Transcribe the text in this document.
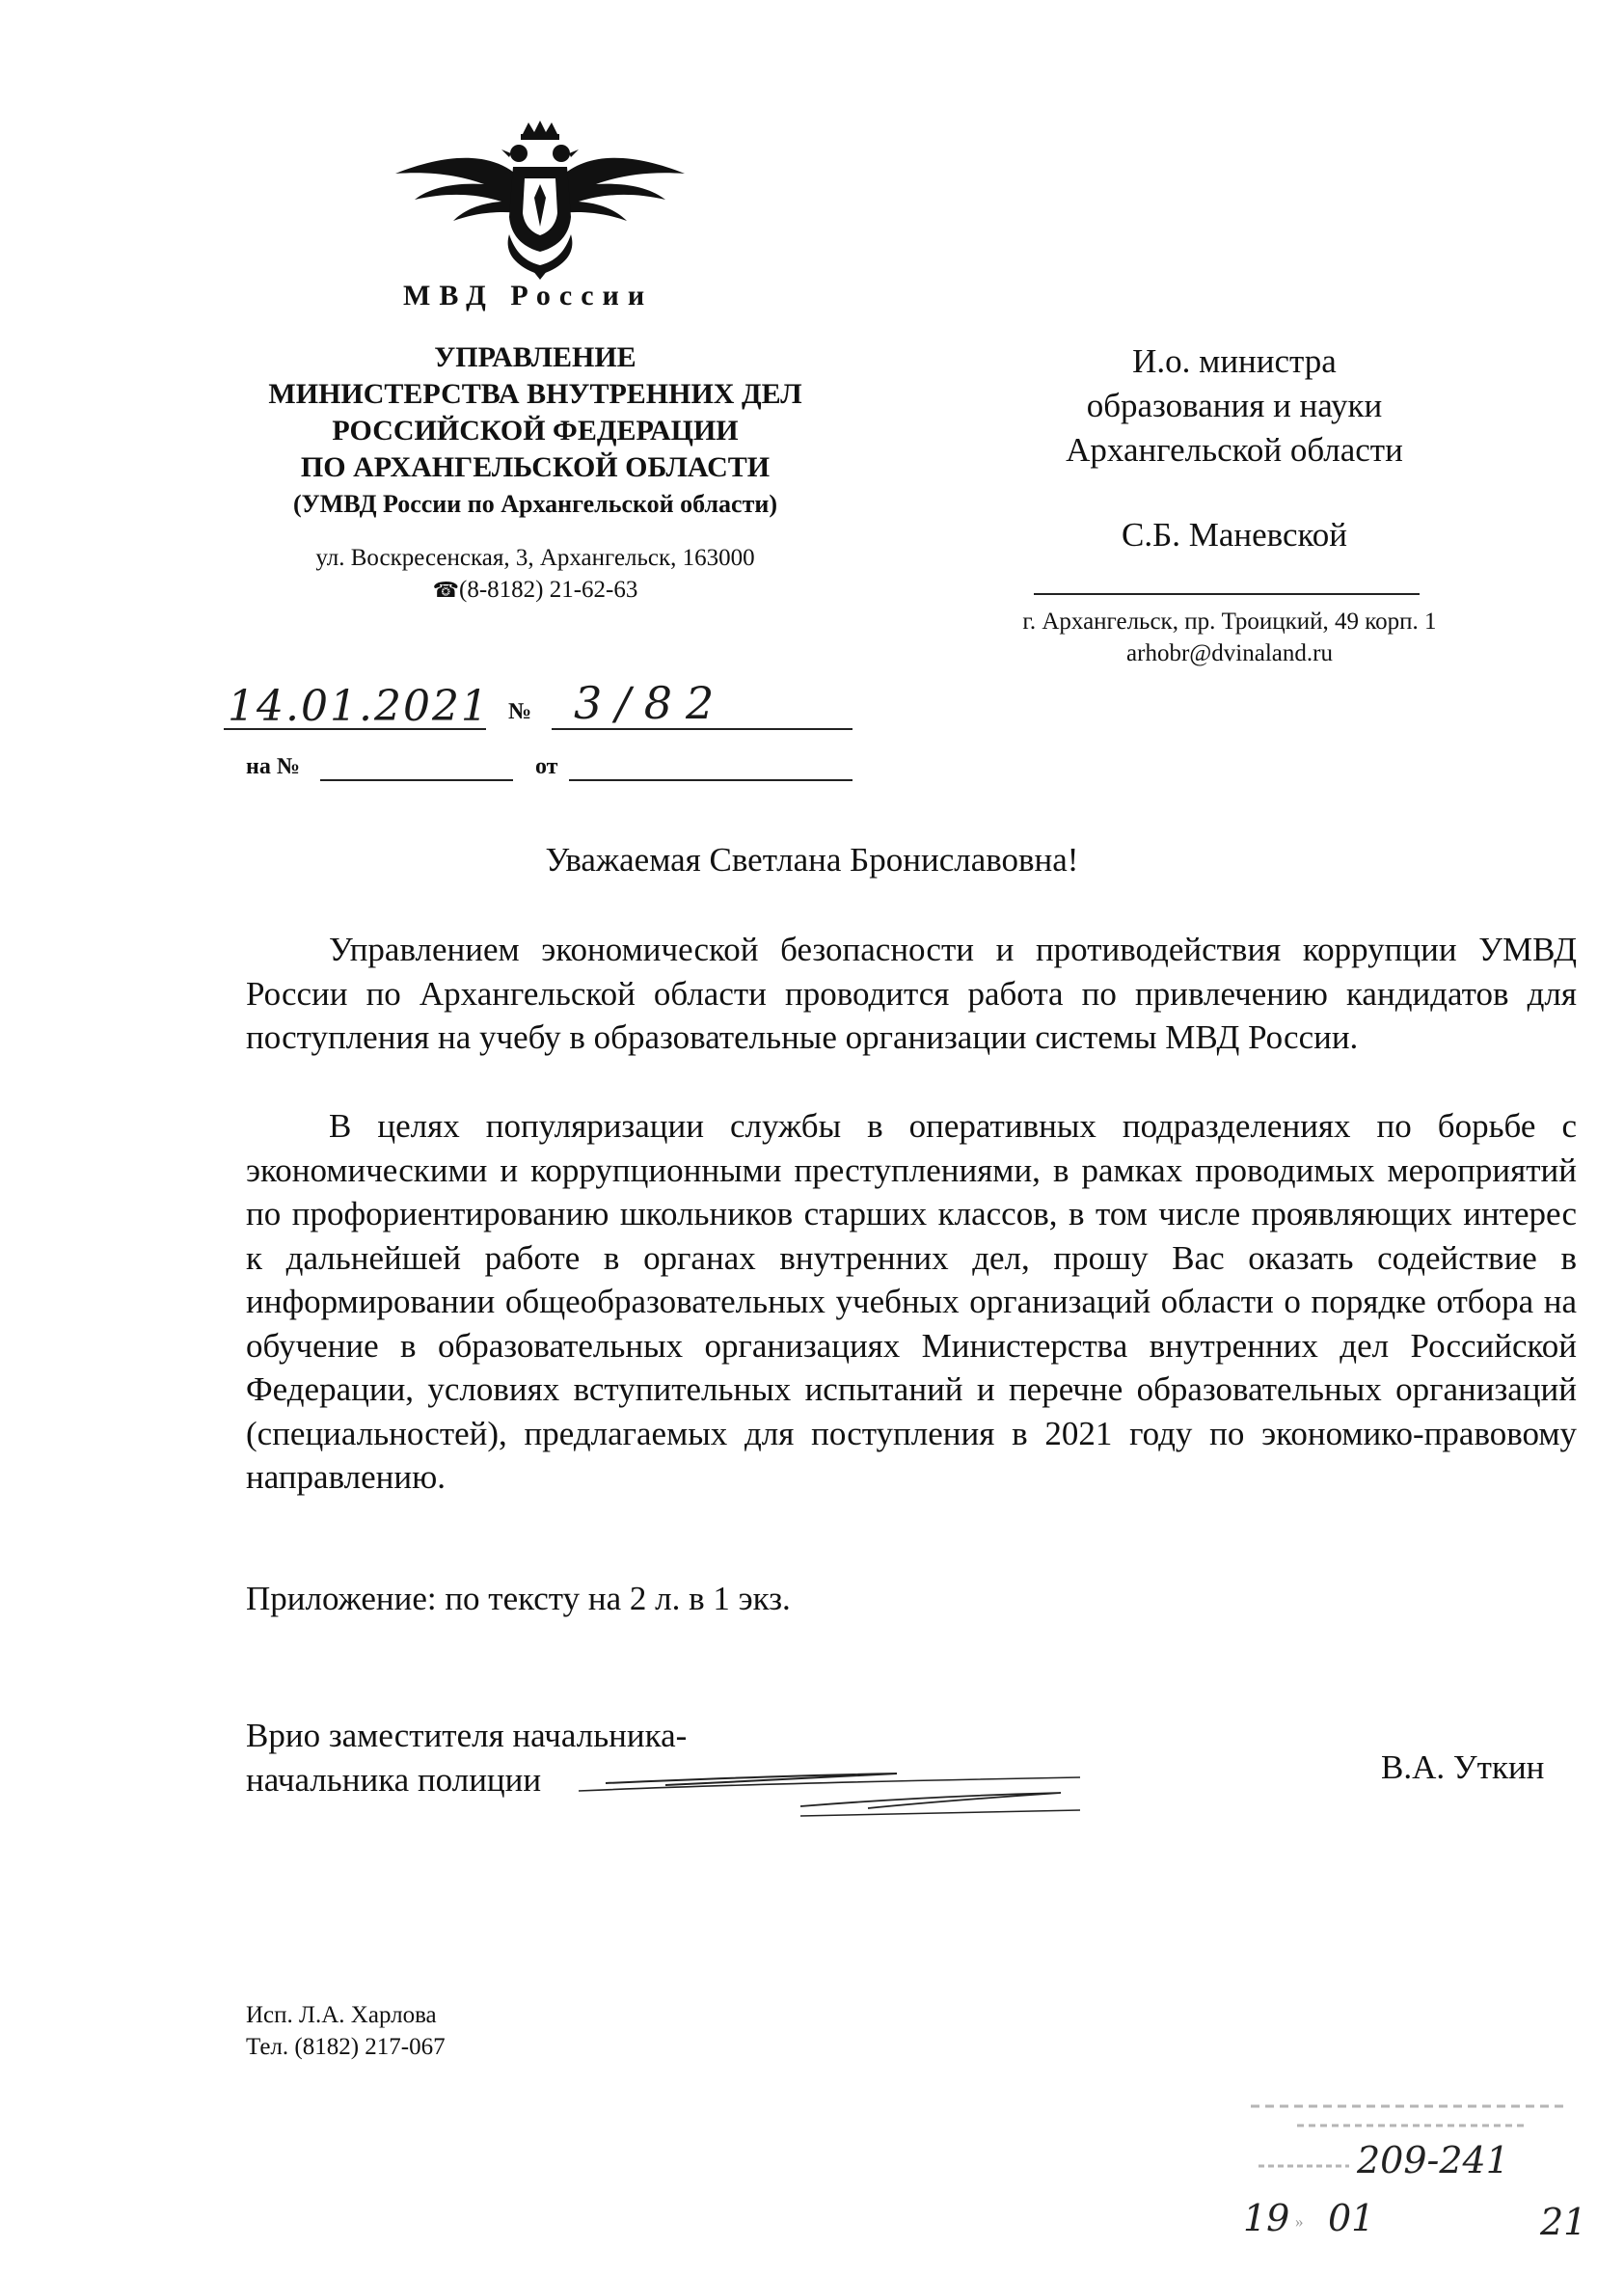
МВД России
УПРАВЛЕНИЕ
МИНИСТЕРСТВА ВНУТРЕННИХ ДЕЛ
РОССИЙСКОЙ ФЕДЕРАЦИИ
ПО АРХАНГЕЛЬСКОЙ ОБЛАСТИ
(УМВД России по Архангельской области)
ул. Воскресенская, 3, Архангельск, 163000
☎(8-8182) 21-62-63
И.о. министра
образования и науки
Архангельской области
С.Б. Маневской
г. Архангельск, пр. Троицкий, 49 корп. 1
arhobr@dvinaland.ru
14.01.2021 № 3/82
на №	от
Уважаемая Светлана Брониславовна!

Управлением экономической безопасности и противодействия коррупции УМВД России по Архангельской области проводится работа по привлечению кандидатов для поступления на учебу в образовательные организации системы МВД России.

В целях популяризации службы в оперативных подразделениях по борьбе с экономическими и коррупционными преступлениями, в рамках проводимых мероприятий по профориентированию школьников старших классов, в том числе проявляющих интерес к дальнейшей работе в органах внутренних дел, прошу Вас оказать содействие в информировании общеобразовательных учебных организаций области о порядке отбора на обучение в образовательных организациях Министерства внутренних дел Российской Федерации, условиях вступительных испытаний и перечне образовательных организаций (специальностей), предлагаемых для поступления в 2021 году по экономико-правовому направлению.

Приложение: по тексту на 2 л. в 1 экз.
Врио заместителя начальника-
начальника полиции	В.А. Уткин
Исп. Л.А. Харлова
Тел. (8182) 217-067
209-241
19 » 01	21
